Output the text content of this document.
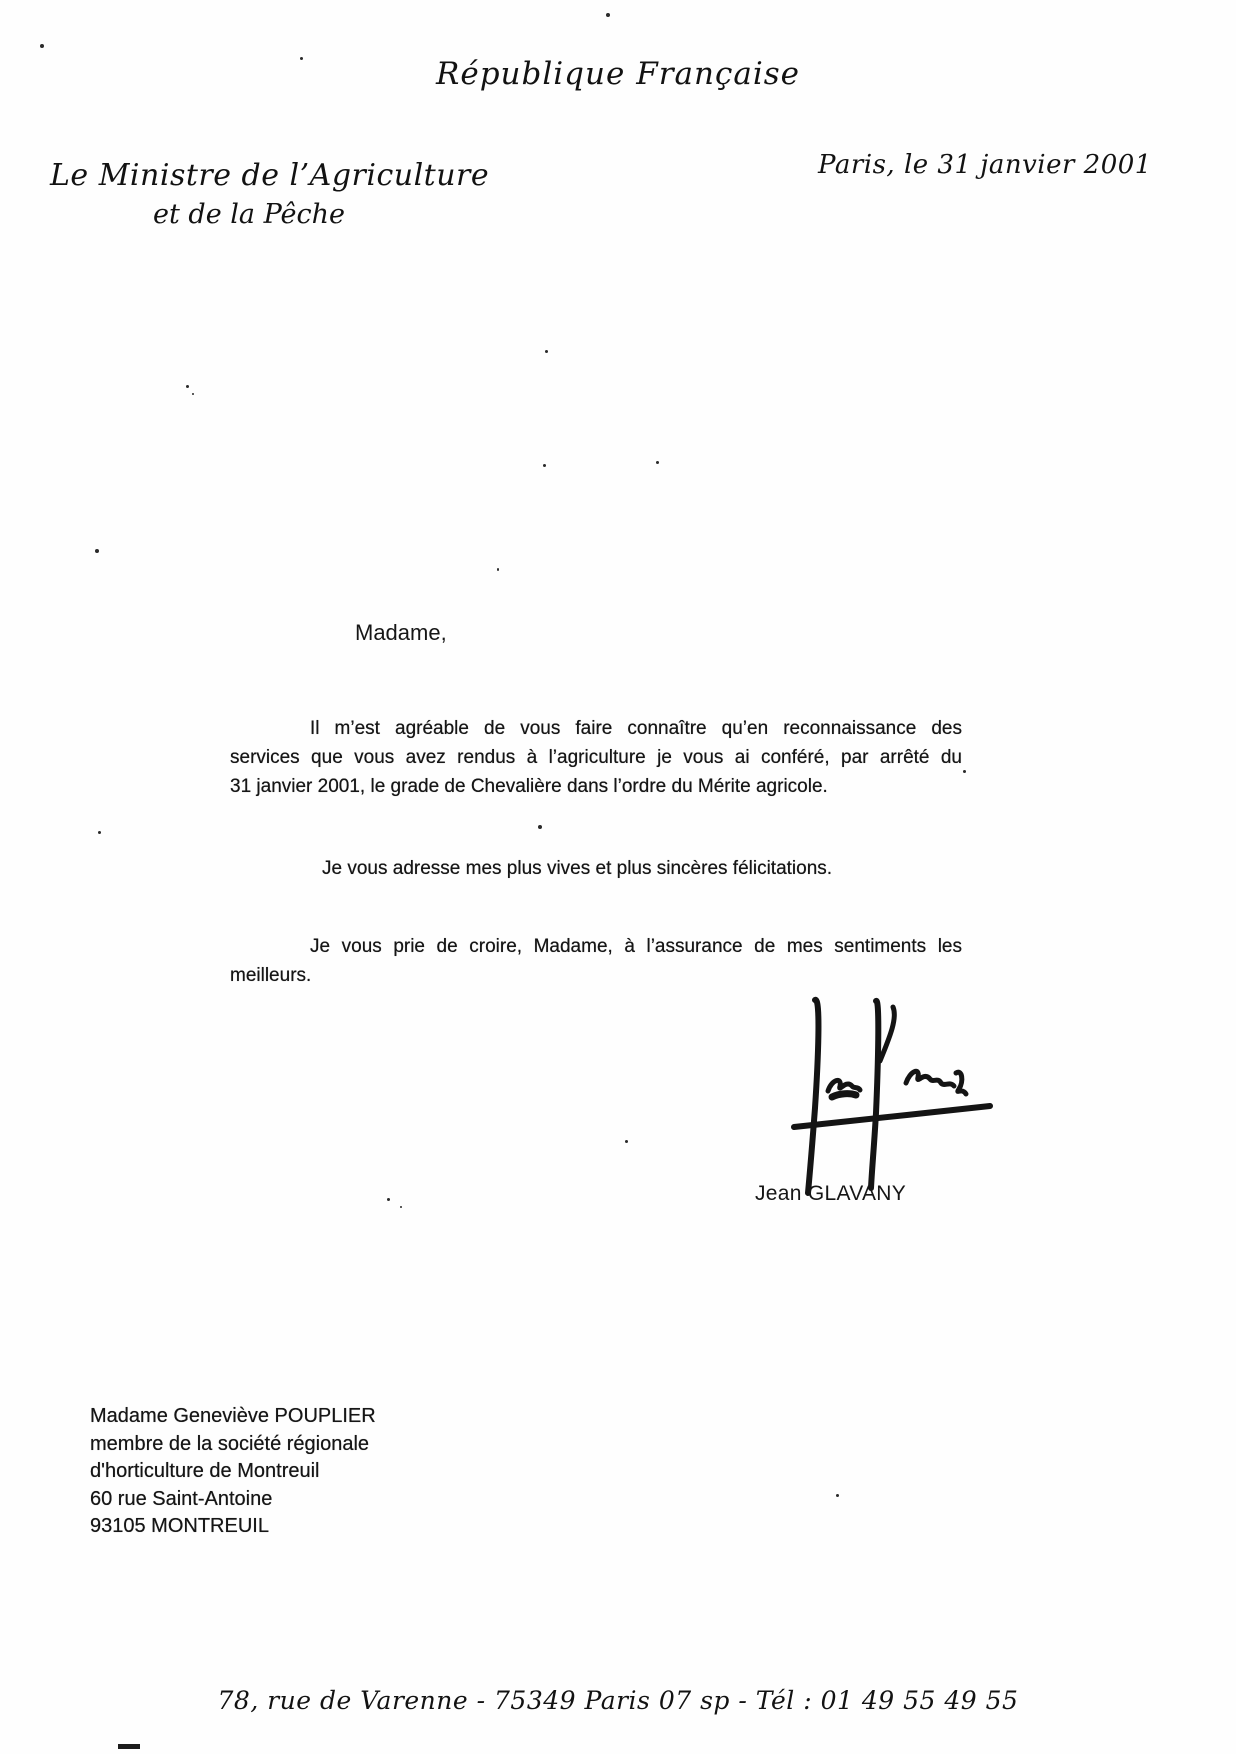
République Française
Le Ministre de l’Agriculture
et de la Pêche
Paris, le 31 janvier 2001
Madame,
Il m’est agréable de vous faire connaître qu’en reconnaissance des
services que vous avez rendus à l’agriculture je vous ai conféré, par arrêté du
31 janvier 2001, le grade de Chevalière dans l’ordre du Mérite agricole.
Je vous adresse mes plus vives et plus sincères félicitations.
Je vous prie de croire, Madame, à l’assurance de mes sentiments les
meilleurs.
Jean GLAVANY
Madame Geneviève POUPLIER
membre de la société régionale
d'horticulture de Montreuil
60 rue Saint-Antoine
93105 MONTREUIL
78, rue de Varenne - 75349 Paris 07 sp - Tél : 01 49 55 49 55
